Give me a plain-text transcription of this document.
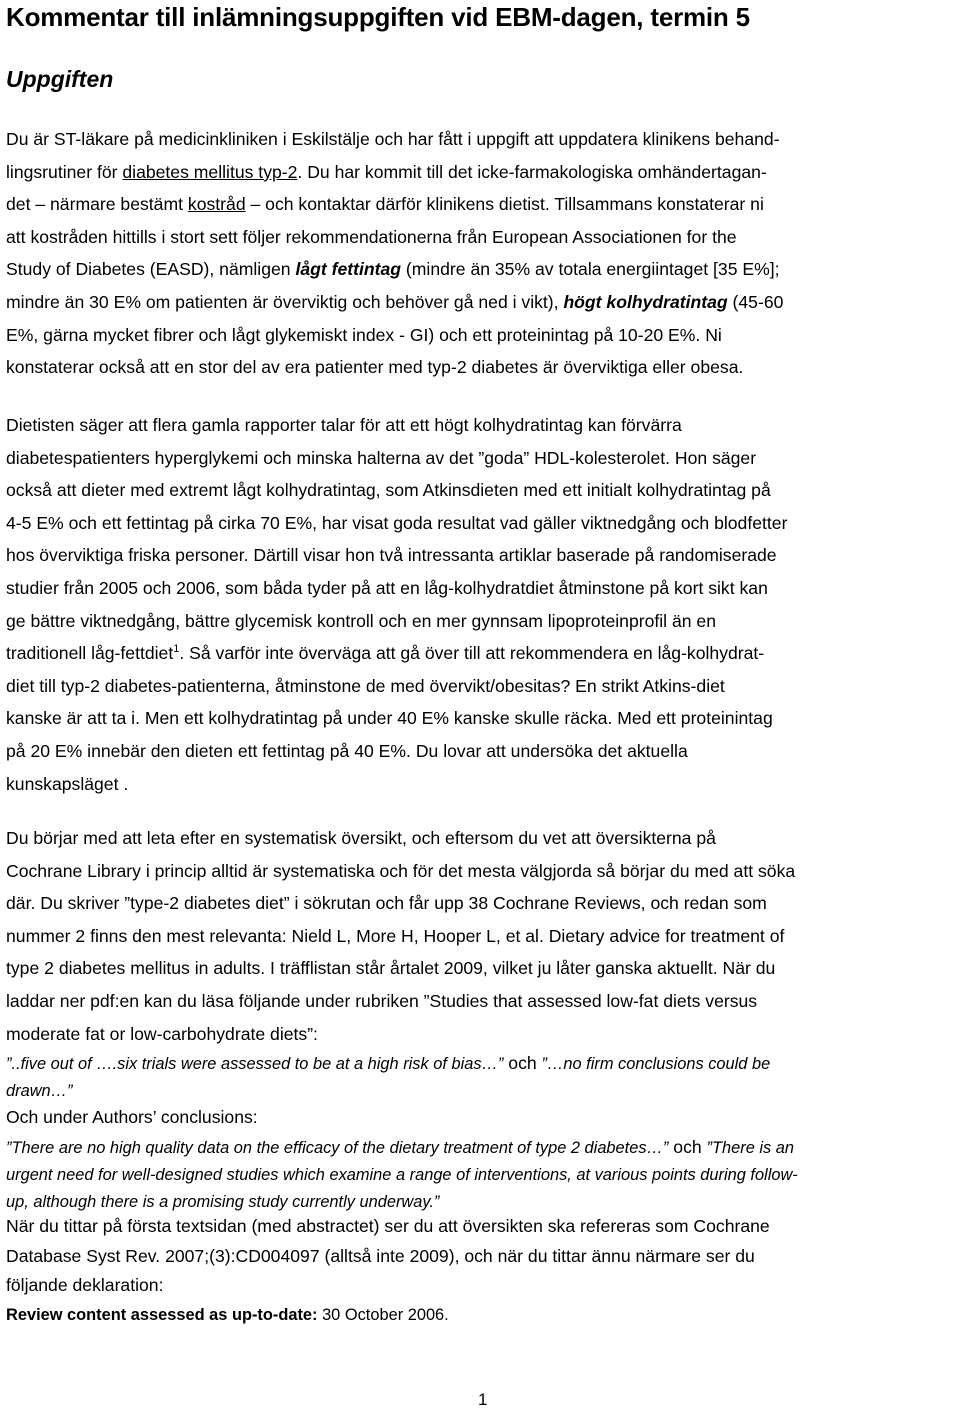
Kommentar till inlämningsuppgiften vid EBM-dagen, termin 5
Uppgiften
Du är ST-läkare på medicinkliniken i Eskilstälje och har fått i uppgift att uppdatera klinikens behand-
lingsrutiner för diabetes mellitus typ-2. Du har kommit till det icke-farmakologiska omhändertagan-
det – närmare bestämt kostråd – och kontaktar därför klinikens dietist. Tillsammans konstaterar ni
att kostråden hittills i stort sett följer rekommendationerna från European Associationen for the
Study of Diabetes (EASD), nämligen lågt fettintag (mindre än 35% av totala energiintaget [35 E%];
mindre än 30 E% om patienten är överviktig och behöver gå ned i vikt), högt kolhydratintag (45-60
E%, gärna mycket fibrer och lågt glykemiskt index - GI) och ett proteinintag på 10-20 E%. Ni
konstaterar också att en stor del av era patienter med typ-2 diabetes är överviktiga eller obesa.
Dietisten säger att flera gamla rapporter talar för att ett högt kolhydratintag kan förvärra
diabetespatienters hyperglykemi och minska halterna av det ”goda” HDL-kolesterolet. Hon säger
också att dieter med extremt lågt kolhydratintag, som Atkinsdieten med ett initialt kolhydratintag på
4-5 E% och ett fettintag på cirka 70 E%, har visat goda resultat vad gäller viktnedgång och blodfetter
hos överviktiga friska personer. Därtill visar hon två intressanta artiklar baserade på randomiserade
studier från 2005 och 2006, som båda tyder på att en låg-kolhydratdiet åtminstone på kort sikt kan
ge bättre viktnedgång, bättre glycemisk kontroll och en mer gynnsam lipoproteinprofil än en
traditionell låg-fettdiet$^1$. Så varför inte överväga att gå över till att rekommendera en låg-kolhydrat-
diet till typ-2 diabetes-patienterna, åtminstone de med övervikt/obesitas? En strikt Atkins-diet
kanske är att ta i. Men ett kolhydratintag på under 40 E% kanske skulle räcka. Med ett proteinintag
på 20 E% innebär den dieten ett fettintag på 40 E%. Du lovar att undersöka det aktuella
kunskapsläget .
Du börjar med att leta efter en systematisk översikt, och eftersom du vet att översikterna på
Cochrane Library i princip alltid är systematiska och för det mesta välgjorda så börjar du med att söka
där. Du skriver ”type-2 diabetes diet” i sökrutan och får upp 38 Cochrane Reviews, och redan som
nummer 2 finns den mest relevanta: Nield L, More H, Hooper L, et al. Dietary advice for treatment of
type 2 diabetes mellitus in adults. I träfflistan står årtalet 2009, vilket ju låter ganska aktuellt. När du
laddar ner pdf:en kan du läsa följande under rubriken ”Studies that assessed low-fat diets versus
moderate fat or low-carbohydrate diets”:
”..five out of ….six trials were assessed to be at a high risk of bias…” och ”…no firm conclusions could be
drawn…”
Och under Authors’ conclusions:
”There are no high quality data on the efficacy of the dietary treatment of type 2 diabetes…” och ”There is an
urgent need for well-designed studies which examine a range of interventions, at various points during follow-
up, although there is a promising study currently underway.”
När du tittar på första textsidan (med abstractet) ser du att översikten ska refereras som Cochrane
Database Syst Rev. 2007;(3):CD004097 (alltså inte 2009), och när du tittar ännu närmare ser du
följande deklaration:
Review content assessed as up-to-date: 30 October 2006.
1
